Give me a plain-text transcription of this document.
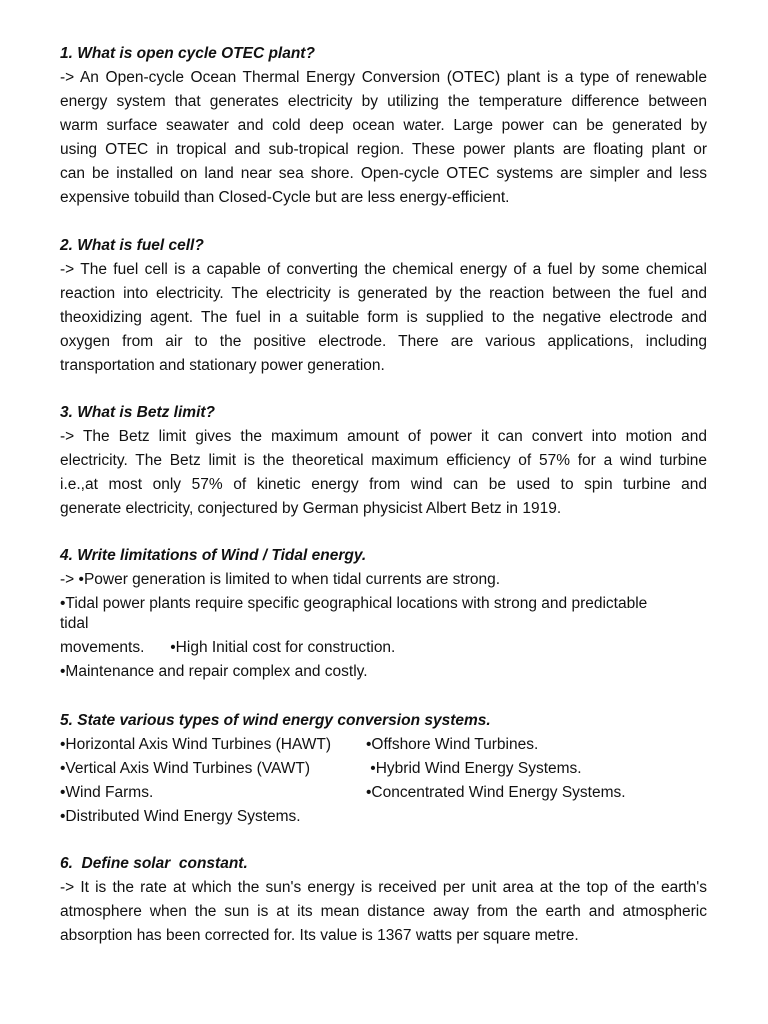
1. What is open cycle OTEC plant?
-> An Open-cycle Ocean Thermal Energy Conversion (OTEC) plant is a type of renewable
energy system that generates electricity by utilizing the temperature difference between
warm surface seawater and cold deep ocean water. Large power can be generated by
using OTEC in tropical and sub-tropical region. These power plants are floating plant or
can be installed on land near sea shore. Open-cycle OTEC systems are simpler and less
expensive tobuild than Closed-Cycle but are less energy-efficient.
2. What is fuel cell?
-> The fuel cell is a capable of converting the chemical energy of a fuel by some chemical
reaction into electricity. The electricity is generated by the reaction between the fuel and
theoxidizing agent. The fuel in a suitable form is supplied to the negative electrode and
oxygen from air to the positive electrode. There are various applications, including
transportation and stationary power generation.
3. What is Betz limit?
-> The Betz limit gives the maximum amount of power it can convert into motion and
electricity. The Betz limit is the theoretical maximum efficiency of 57% for a wind turbine
i.e.,at most only 57% of kinetic energy from wind can be used to spin turbine and
generate electricity, conjectured by German physicist Albert Betz in 1919.
4. Write limitations of Wind / Tidal energy.
-> •Power generation is limited to when tidal currents are strong.
•Tidal power plants require specific geographical locations with strong and predictable
tidal
movements.      •High Initial cost for construction.
•Maintenance and repair complex and costly.
5. State various types of wind energy conversion systems.
•Horizontal Axis Wind Turbines (HAWT) •Offshore Wind Turbines.
•Vertical Axis Wind Turbines (VAWT)	•Hybrid Wind Energy Systems.
•Wind Farms.	•Concentrated Wind Energy Systems.
•Distributed Wind Energy Systems.
6.  Define solar  constant.
-> It is the rate at which the sun's energy is received per unit area at the top of the earth's
atmosphere when the sun is at its mean distance away from the earth and atmospheric
absorption has been corrected for. Its value is 1367 watts per square metre.
